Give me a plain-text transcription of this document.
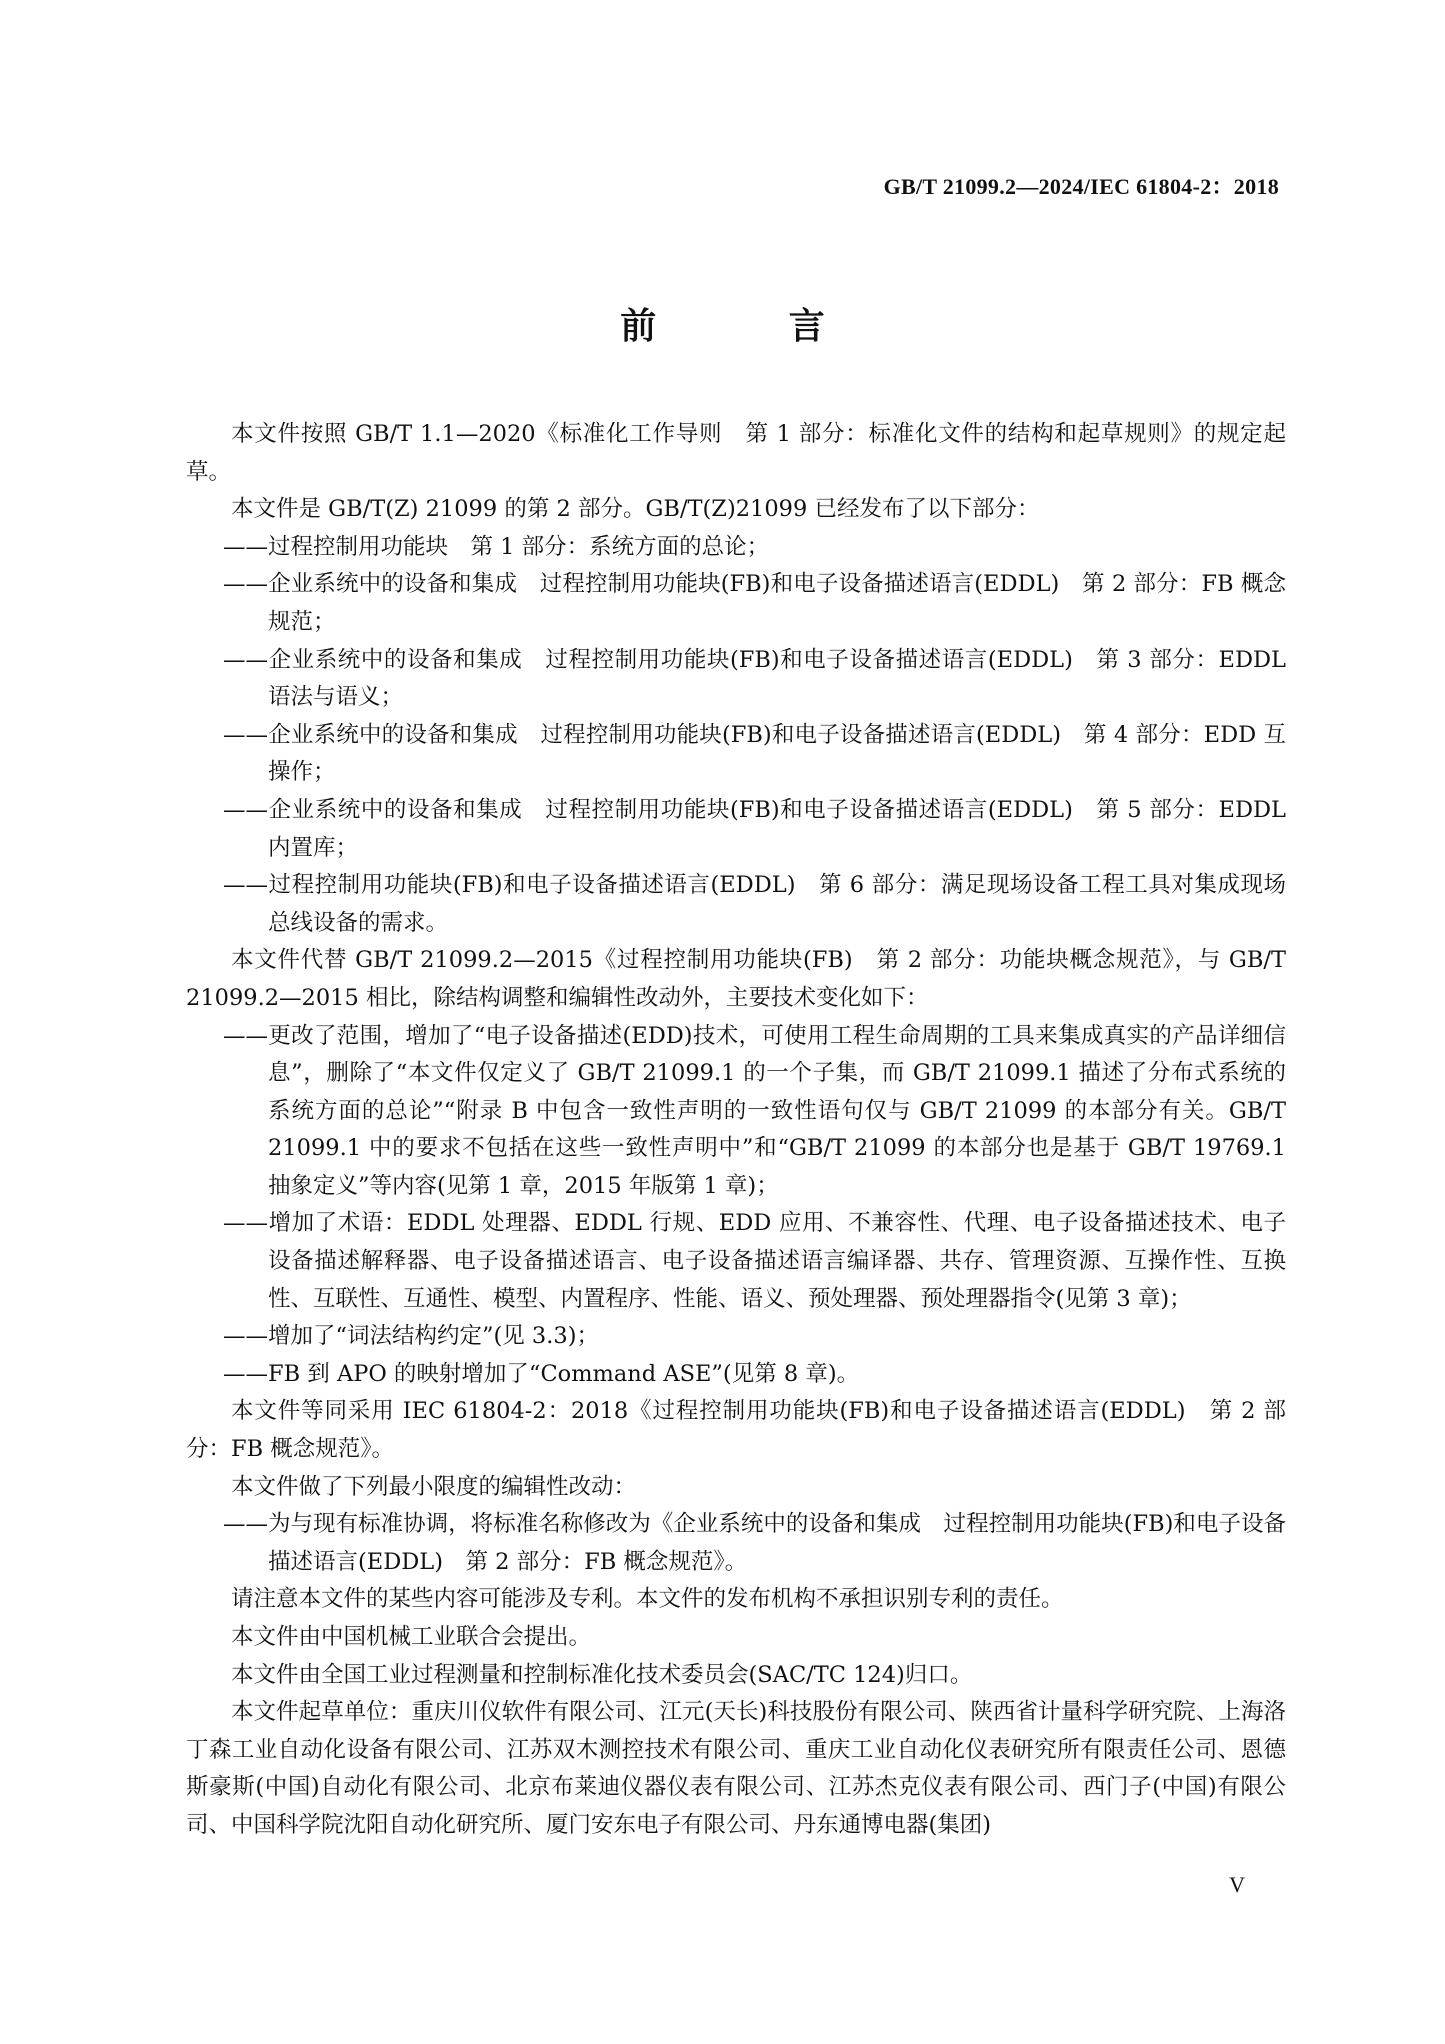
GB/T 21099.2—2024/IEC 61804-2：2018
前 言

本文件按照 GB/T 1.1—2020《标准化工作导则　第 1 部分：标准化文件的结构和起草规则》的规定起草。

本文件是 GB/T(Z) 21099 的第 2 部分。GB/T(Z)21099 已经发布了以下部分：

——过程控制用功能块　第 1 部分：系统方面的总论；

——企业系统中的设备和集成　过程控制用功能块(FB)和电子设备描述语言(EDDL)　第 2 部分：FB 概念规范；

——企业系统中的设备和集成　过程控制用功能块(FB)和电子设备描述语言(EDDL)　第 3 部分：EDDL 语法与语义；

——企业系统中的设备和集成　过程控制用功能块(FB)和电子设备描述语言(EDDL)　第 4 部分：EDD 互操作；

——企业系统中的设备和集成　过程控制用功能块(FB)和电子设备描述语言(EDDL)　第 5 部分：EDDL 内置库；

——过程控制用功能块(FB)和电子设备描述语言(EDDL)　第 6 部分：满足现场设备工程工具对集成现场总线设备的需求。

本文件代替 GB/T 21099.2—2015《过程控制用功能块(FB)　第 2 部分：功能块概念规范》，与 GB/T 21099.2—2015 相比，除结构调整和编辑性改动外，主要技术变化如下：

——更改了范围，增加了“电子设备描述(EDD)技术，可使用工程生命周期的工具来集成真实的产品详细信息”，删除了“本文件仅定义了 GB/T 21099.1 的一个子集，而 GB/T 21099.1 描述了分布式系统的系统方面的总论”“附录 B 中包含一致性声明的一致性语句仅与 GB/T 21099 的本部分有关。GB/T 21099.1 中的要求不包括在这些一致性声明中”和“GB/T 21099 的本部分也是基于 GB/T 19769.1 抽象定义”等内容(见第 1 章，2015 年版第 1 章)；

——增加了术语：EDDL 处理器、EDDL 行规、EDD 应用、不兼容性、代理、电子设备描述技术、电子设备描述解释器、电子设备描述语言、电子设备描述语言编译器、共存、管理资源、互操作性、互换性、互联性、互通性、模型、内置程序、性能、语义、预处理器、预处理器指令(见第 3 章)；

——增加了“词法结构约定”(见 3.3)；

——FB 到 APO 的映射增加了“Command ASE”(见第 8 章)。

本文件等同采用 IEC 61804-2：2018《过程控制用功能块(FB)和电子设备描述语言(EDDL)　第 2 部分：FB 概念规范》。

本文件做了下列最小限度的编辑性改动：

——为与现有标准协调，将标准名称修改为《企业系统中的设备和集成　过程控制用功能块(FB)和电子设备描述语言(EDDL)　第 2 部分：FB 概念规范》。

请注意本文件的某些内容可能涉及专利。本文件的发布机构不承担识别专利的责任。

本文件由中国机械工业联合会提出。

本文件由全国工业过程测量和控制标准化技术委员会(SAC/TC 124)归口。

本文件起草单位：重庆川仪软件有限公司、江元(天长)科技股份有限公司、陕西省计量科学研究院、上海洛丁森工业自动化设备有限公司、江苏双木测控技术有限公司、重庆工业自动化仪表研究所有限责任公司、恩德斯豪斯(中国)自动化有限公司、北京布莱迪仪器仪表有限公司、江苏杰克仪表有限公司、西门子(中国)有限公司、中国科学院沈阳自动化研究所、厦门安东电子有限公司、丹东通博电器(集团)

V
